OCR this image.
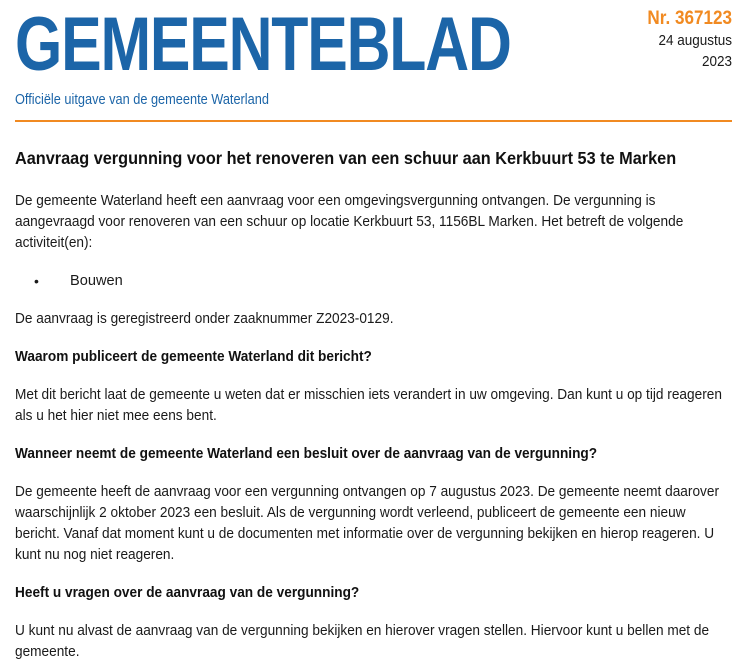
GEMEENTEBLAD
Officiële uitgave van de gemeente Waterland
Nr. 367123
24 augustus
2023
Aanvraag vergunning voor het renoveren van een schuur aan Kerkbuurt 53 te Marken

De gemeente Waterland heeft een aanvraag voor een omgevingsvergunning ontvangen. De vergunning is aangevraagd voor renoveren van een schuur op locatie Kerkbuurt 53, 1156BL Marken. Het betreft de volgende activiteit(en):

• Bouwen

De aanvraag is geregistreerd onder zaaknummer Z2023-0129.

Waarom publiceert de gemeente Waterland dit bericht?

Met dit bericht laat de gemeente u weten dat er misschien iets verandert in uw omgeving. Dan kunt u op tijd reageren als u het hier niet mee eens bent.

Wanneer neemt de gemeente Waterland een besluit over de aanvraag van de vergunning?

De gemeente heeft de aanvraag voor een vergunning ontvangen op 7 augustus 2023. De gemeente neemt daarover waarschijnlijk 2 oktober 2023 een besluit. Als de vergunning wordt verleend, publiceert de gemeente een nieuw bericht. Vanaf dat moment kunt u de documenten met informatie over de vergunning bekijken en hierop reageren. U kunt nu nog niet reageren.

Heeft u vragen over de aanvraag van de vergunning?

U kunt nu alvast de aanvraag van de vergunning bekijken en hierover vragen stellen. Hiervoor kunt u bellen met de gemeente.
